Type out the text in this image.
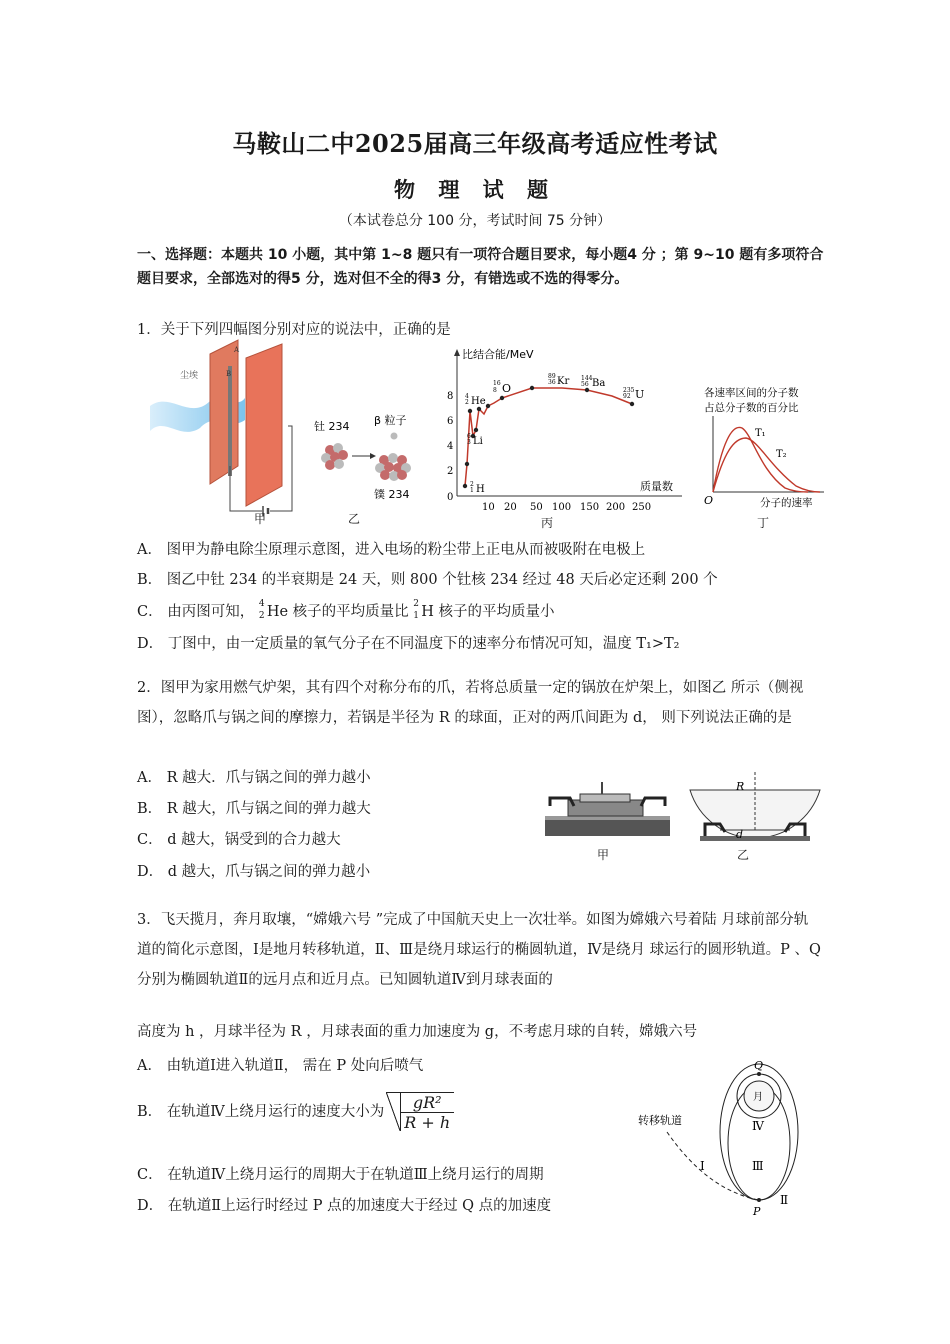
马鞍山二中2025届高三年级高考适应性考试
物 理 试 题
（本试卷总分 100 分，考试时间 75 分钟）
一、选择题：本题共 10 小题，其中第 1~8 题只有一项符合题目要求，每小题4 分 ；第 9~10 题有多项符合题目要求，全部选对的得5 分，选对但不全的得3 分，有错选或不选的得零分。
1．关于下列四幅图分别对应的说法中，正确的是
尘埃
A
B
甲
钍 234 β 粒子
镤 234
乙
比结合能/MeV
质量数
0
2
4
6
8
10 20 50 100 150 200 250
H
Li
He
O
Kr Ba
U
2
1
6
3
4
2
16
8
89
36
144
56
235
92
丙
各速率区间的分子数
占总分子数的百分比
T₁
T₂
O	分子的速率
丁
A． 图甲为静电除尘原理示意图，进入电场的粉尘带上正电从而被吸附在电极上
B． 图乙中钍 234 的半衰期是 24 天，则 800 个钍核 234 经过 48 天后必定还剩 200 个
C． 由丙图可知， 4
2 He 核子的平均质量比 2
1 H 核子的平均质量小
D． 丁图中，由一定质量的氧气分子在不同温度下的速率分布情况可知，温度 T₁>T₂
2．图甲为家用燃气炉架，其有四个对称分布的爪，若将总质量一定的锅放在炉架上，如图乙 所示（侧视图），忽略爪与锅之间的摩擦力，若锅是半径为 R 的球面，正对的两爪间距为 d， 则下列说法正确的是
A． R 越大．爪与锅之间的弹力越小
B． R 越大，爪与锅之间的弹力越大
C． d 越大，锅受到的合力越大
D． d 越大，爪与锅之间的弹力越小
R
d
甲	乙
3．飞天揽月，奔月取壤，“嫦娥六号 ”完成了中国航天史上一次壮举。如图为嫦娥六号着陆 月球前部分轨道的简化示意图，Ⅰ是地月转移轨道，Ⅱ、Ⅲ是绕月球运行的椭圆轨道，Ⅳ是绕月 球运行的圆形轨道。P 、Q 分别为椭圆轨道Ⅱ的远月点和近月点。已知圆轨道Ⅳ到月球表面的
高度为 h ，月球半径为 R ，月球表面的重力加速度为 g，不考虑月球的自转，嫦娥六号
A． 由轨道Ⅰ进入轨道Ⅱ， 需在 P 处向后喷气
B． 在轨道Ⅳ上绕月运行的速度大小为 $\frac{\text{gR²}}{R + h}$
C． 在轨道Ⅳ上绕月运行的周期大于在轨道Ⅲ上绕月运行的周期
D． 在轨道Ⅱ上运行时经过 P 点的加速度大于经过 Q 点的加速度
转移轨道
月
Q
P
Ⅰ
Ⅱ
Ⅲ
Ⅳ
